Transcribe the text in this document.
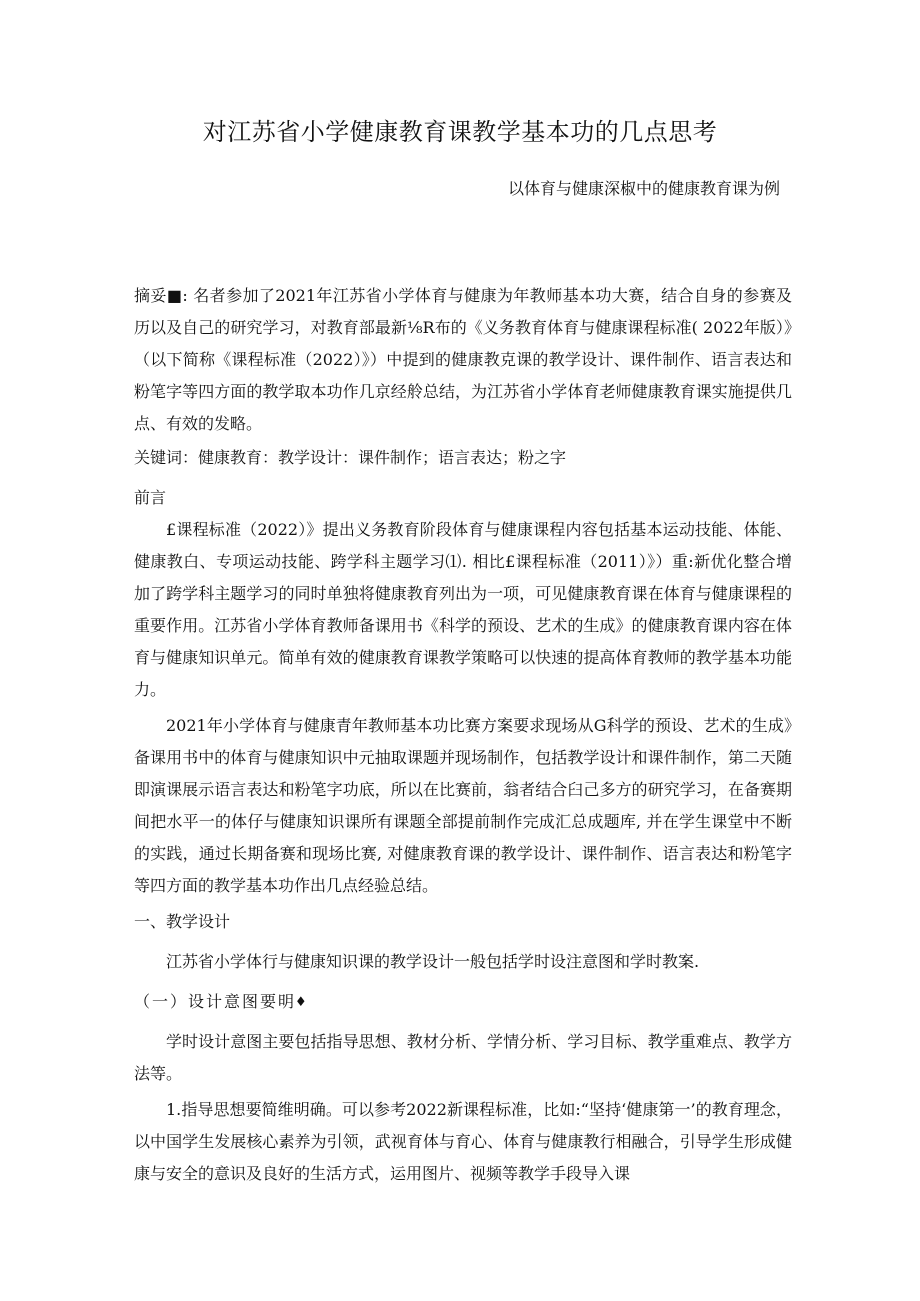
对江苏省小学健康教育课教学基本功的几点思考
以体育与健康深椒中的健康教育课为例

摘妥■: 名者参加了2021年江苏省小学体育与健康为年教师基本功大赛，结合自身的参赛及历以及自己的研究学习，对教育部最新⅛R布的《义务教育体育与健康课程标准( 2022年版）》（以下简称《课程标准（2022）》）中提到的健康教克课的教学设计、课件制作、语言表达和粉笔字等四方面的教学取本功作几京经舲总结，为江苏省小学体育老师健康教育课实施提供几点、有效的发略。

关键词：健康教育：教学设计：课件制作；语言表达；粉之字

前言

£课程标准（2022）》提出义务教育阶段体育与健康课程内容包括基本运动技能、体能、健康教白、专项运动技能、跨学科主题学习⑴. 相比£课程标准（2011）》）重:新优化整合增加了跨学科主题学习的同时单独将健康教育列出为一项，可见健康教育课在体育与健康课程的重要作用。江苏省小学体育教师备课用书《科学的预设、艺术的生成》的健康教育课内容在体育与健康知识单元。简单有效的健康教育课教学策略可以快速的提高体育教师的教学基本功能力。

2021年小学体育与健康青年教师基本功比赛方案要求现场从G科学的预设、艺术的生成》备课用书中的体育与健康知识中元抽取课题并现场制作，包括教学设计和课件制作，第二天随即演课展示语言表达和粉笔字功底，所以在比赛前，翁者结合臼己多方的研究学习，在备赛期间把水平一的体仔与健康知识课所有课题全部提前制作完成汇总成题库, 并在学生课堂中不断的实践，通过长期备赛和现场比赛, 对健康教育课的教学设计、课件制作、语言表达和粉笔字等四方面的教学基本功作出几点经验总结。

一、教学设计

江苏省小学体行与健康知识课的教学设计一般包括学时设注意图和学时教案.

（一）设计意图要明♦

学时设计意图主要包括指导思想、教材分析、学情分析、学习目标、教学重难点、教学方法等。

1.指导思想要简维明确。可以参考2022新课程标准，比如:“坚持‘健康第一’的教育理念，以中国学生发展核心素养为引领，武视育体与育心、体育与健康教行相融合，引导学生形成健康与安全的意识及良好的生活方式，运用图片、视频等教学手段导入课
